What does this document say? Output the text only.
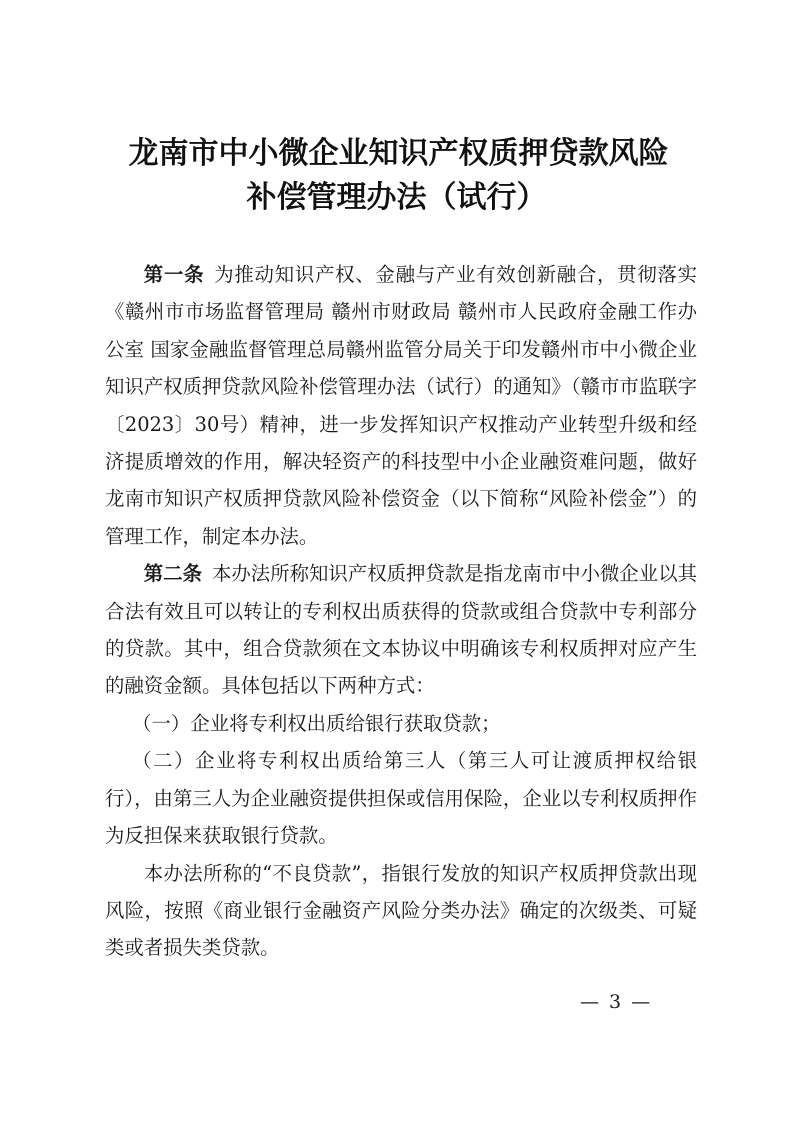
龙南市中小微企业知识产权质押贷款风险
补偿管理办法（试行）

第一条 为推动知识产权、金融与产业有效创新融合，贯彻落实《赣州市市场监督管理局 赣州市财政局 赣州市人民政府金融工作办公室 国家金融监督管理总局赣州监管分局关于印发赣州市中小微企业知识产权质押贷款风险补偿管理办法（试行）的通知》（赣市市监联字〔2023〕30号）精神，进一步发挥知识产权推动产业转型升级和经济提质增效的作用，解决轻资产的科技型中小企业融资难问题，做好龙南市知识产权质押贷款风险补偿资金（以下简称“风险补偿金”）的管理工作，制定本办法。

第二条 本办法所称知识产权质押贷款是指龙南市中小微企业以其合法有效且可以转让的专利权出质获得的贷款或组合贷款中专利部分的贷款。其中，组合贷款须在文本协议中明确该专利权质押对应产生的融资金额。具体包括以下两种方式：

（一）企业将专利权出质给银行获取贷款；

（二）企业将专利权出质给第三人（第三人可让渡质押权给银行），由第三人为企业融资提供担保或信用保险，企业以专利权质押作为反担保来获取银行贷款。

本办法所称的“不良贷款”，指银行发放的知识产权质押贷款出现风险，按照《商业银行金融资产风险分类办法》确定的次级类、可疑类或者损失类贷款。

— 3 —
